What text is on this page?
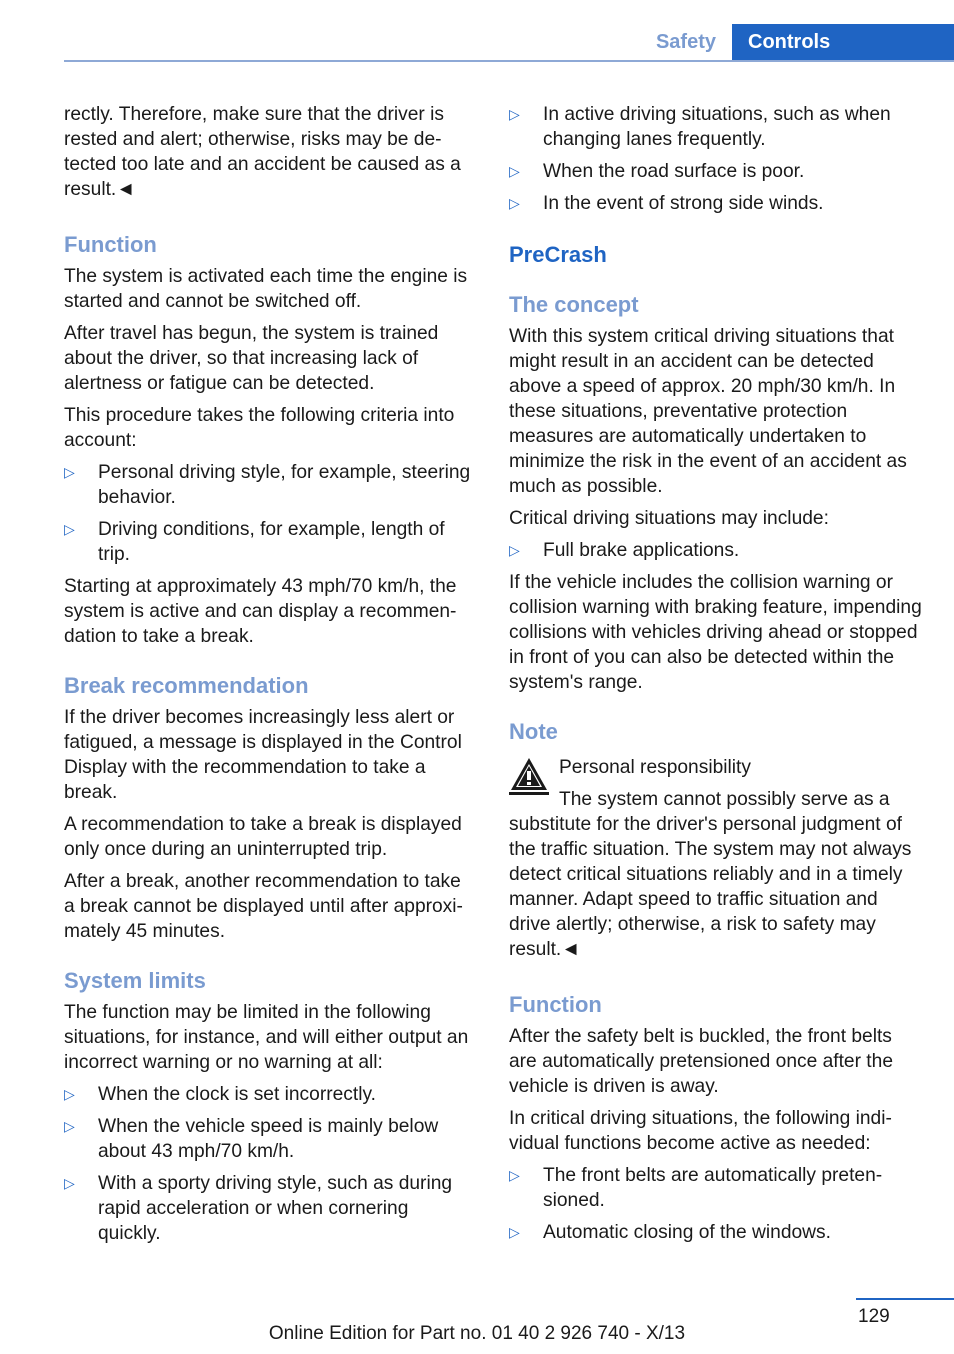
Safety	Controls

rectly. Therefore, make sure that the driver is rested and alert; otherwise, risks may be detected too late and an accident be caused as a result.◄

Function

The system is activated each time the engine is started and cannot be switched off.

After travel has begun, the system is trained about the driver, so that increasing lack of alertness or fatigue can be detected.

This procedure takes the following criteria into account:

▷ Personal driving style, for example, steering behavior.
▷ Driving conditions, for example, length of trip.

Starting at approximately 43 mph/70 km/h, the system is active and can display a recommendation to take a break.

Break recommendation

If the driver becomes increasingly less alert or fatigued, a message is displayed in the Control Display with the recommendation to take a break.

A recommendation to take a break is displayed only once during an uninterrupted trip.

After a break, another recommendation to take a break cannot be displayed until after approximately 45 minutes.

System limits

The function may be limited in the following situations, for instance, and will either output an incorrect warning or no warning at all:

▷ When the clock is set incorrectly.
▷ When the vehicle speed is mainly below about 43 mph/70 km/h.
▷ With a sporty driving style, such as during rapid acceleration or when cornering quickly.
▷ In active driving situations, such as when changing lanes frequently.
▷ When the road surface is poor.
▷ In the event of strong side winds.
PreCrash
The concept

With this system critical driving situations that might result in an accident can be detected above a speed of approx. 20 mph/30 km/h. In these situations, preventative protection measures are automatically undertaken to minimize the risk in the event of an accident as much as possible.

Critical driving situations may include:

▷ Full brake applications.

If the vehicle includes the collision warning or collision warning with braking feature, impending collisions with vehicles driving ahead or stopped in front of you can also be detected within the system's range.

Note

Personal responsibility

The system cannot possibly serve as a substitute for the driver's personal judgment of the traffic situation. The system may not always detect critical situations reliably and in a timely manner. Adapt speed to traffic situation and drive alertly; otherwise, a risk to safety may result.◄

Function

After the safety belt is buckled, the front belts are automatically pretensioned once after the vehicle is driven is away.

In critical driving situations, the following individual functions become active as needed:

▷ The front belts are automatically pretensioned.
▷ Automatic closing of the windows.
129
Online Edition for Part no. 01 40 2 926 740 - X/13
